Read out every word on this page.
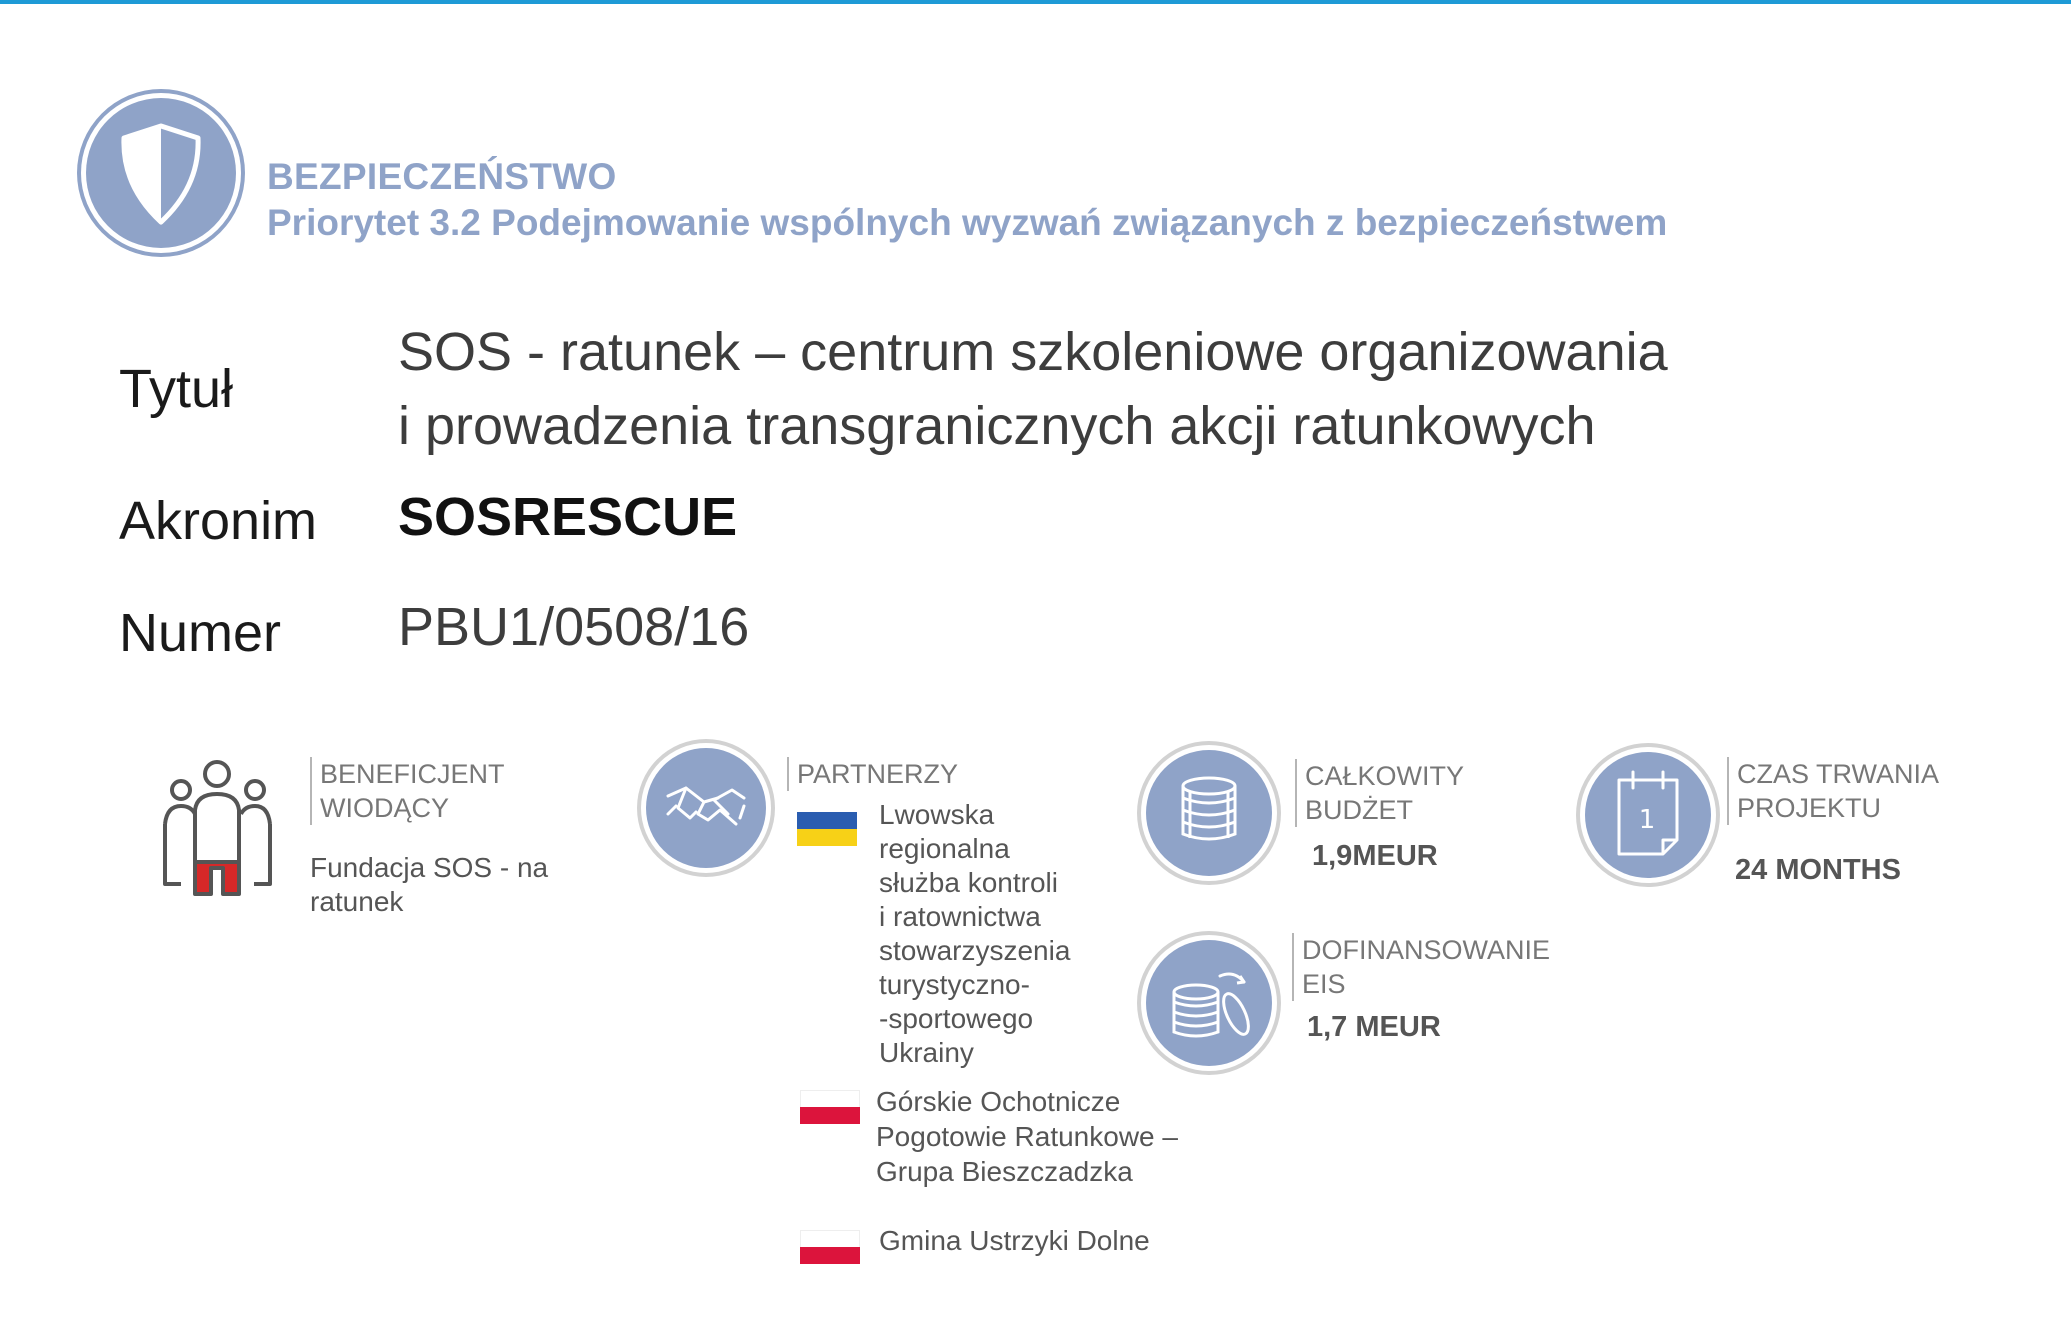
BEZPIECZEŃSTWO
Priorytet 3.2 Podejmowanie wspólnych wyzwań związanych z bezpieczeństwem
Tytuł
SOS - ratunek – centrum szkoleniowe organizowania
i prowadzenia transgranicznych akcji ratunkowych
Akronim SOSRESCUE
Numer PBU1/0508/16
BENEFICJENT
WIODĄCY
Fundacja SOS - na
ratunek
PARTNERZY
Lwowska
regionalna
służba kontroli
i ratownictwa
stowarzyszenia
turystyczno-
-sportowego
Ukrainy
Górskie Ochotnicze
Pogotowie Ratunkowe –
Grupa Bieszczadzka
Gmina Ustrzyki Dolne
CAŁKOWITY
BUDŻET
1,9MEUR
DOFINANSOWANIE
EIS
1,7 MEUR
1
CZAS TRWANIA
PROJEKTU
24 MONTHS
